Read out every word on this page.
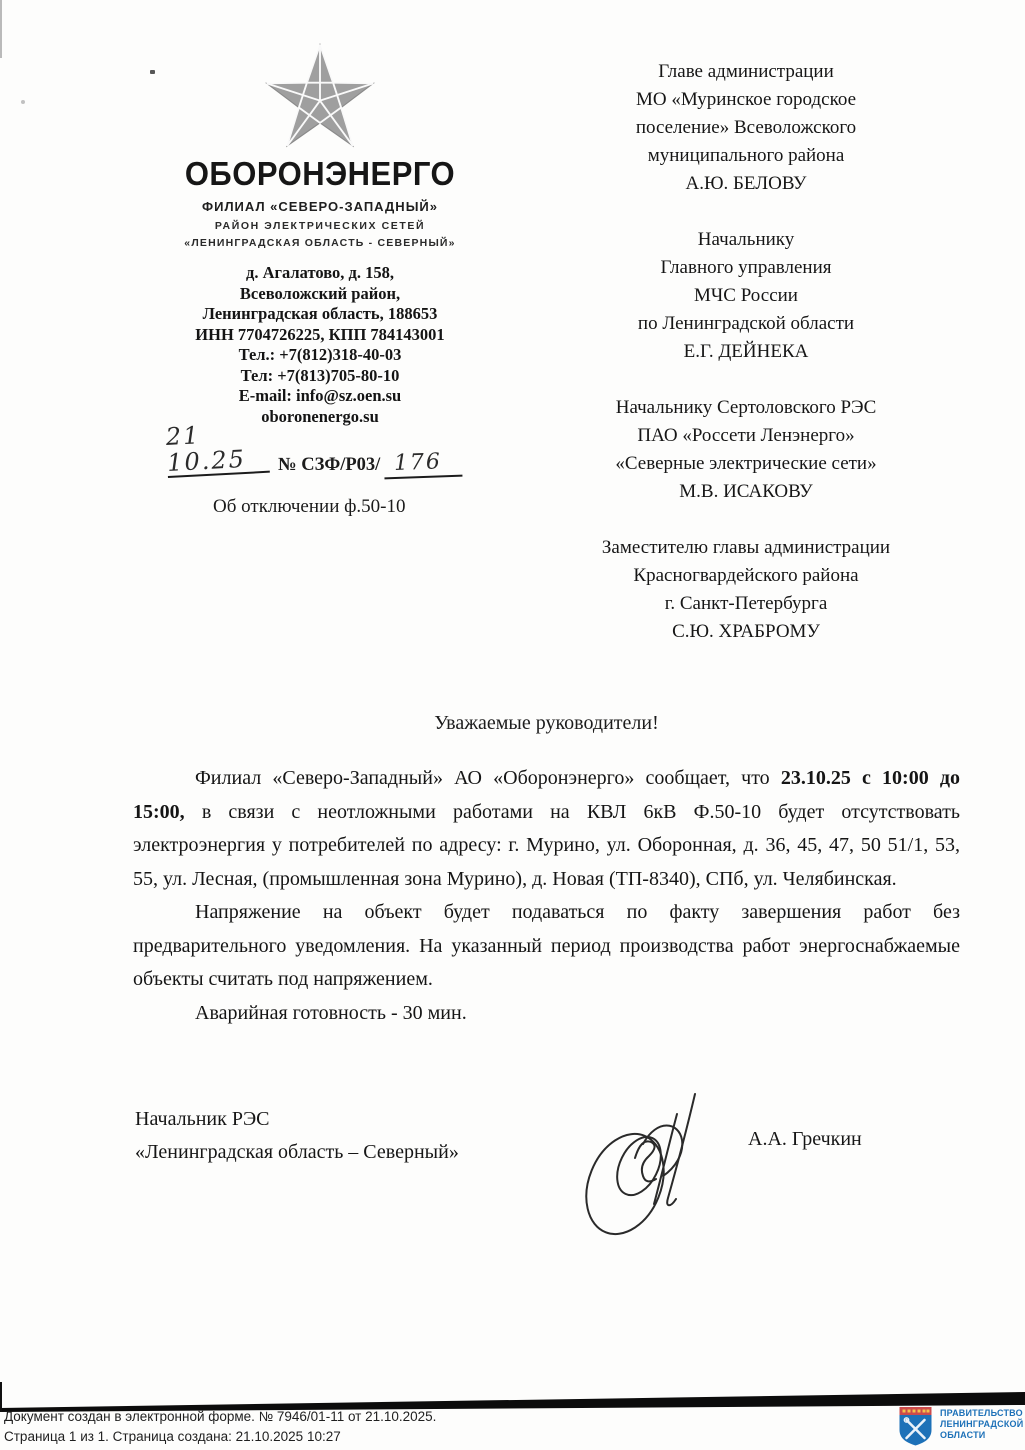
ОБОРОНЭНЕРГО
ФИЛИАЛ «СЕВЕРО-ЗАПАДНЫЙ»
РАЙОН ЭЛЕКТРИЧЕСКИХ СЕТЕЙ
«ЛЕНИНГРАДСКАЯ ОБЛАСТЬ - СЕВЕРНЫЙ»
д. Агалатово, д. 158,
Всеволожский район,
Ленинградская область, 188653
ИНН 7704726225, КПП 784143001
Тел.: +7(812)318-40-03
Тел: +7(813)705-80-10
E-mail: info@sz.oen.su
oboronenergo.su
21 10.25	№ СЗФ/Р03/ 176
Об отключении ф.50-10
Главе администрации
МО «Муринское городское
поселение» Всеволожского
муниципального района
А.Ю. БЕЛОВУ
Начальнику
Главного управления
МЧС России
по Ленинградской области
Е.Г. ДЕЙНЕКА
Начальнику Сертоловского РЭС
ПАО «Россети Ленэнерго»
«Северные электрические сети»
М.В. ИСАКОВУ
Заместителю главы администрации
Красногвардейского района
г. Санкт-Петербурга
С.Ю. ХРАБРОМУ
Уважаемые руководители!

Филиал «Северо-Западный» АО «Оборонэнерго» сообщает, что 23.10.25 с 10:00 до 15:00, в связи с неотложными работами на КВЛ 6кВ Ф.50-10 будет отсутствовать электроэнергия у потребителей по адресу: г. Мурино, ул. Оборонная, д. 36, 45, 47, 50 51/1, 53, 55, ул. Лесная, (промышленная зона Мурино), д. Новая (ТП-8340), СПб, ул. Челябинская.

Напряжение на объект будет подаваться по факту завершения работ без предварительного уведомления. На указанный период производства работ энергоснабжаемые объекты считать под напряжением.

Аварийная готовность - 30 мин.

Начальник РЭС
«Ленинградская область – Северный»
А.А. Гречкин
Документ создан в электронной форме. № 7946/01-11 от 21.10.2025.
Страница 1 из 1. Страница создана: 21.10.2025 10:27
ПРАВИТЕЛЬСТВО
ЛЕНИНГРАДСКОЙ
ОБЛАСТИ
